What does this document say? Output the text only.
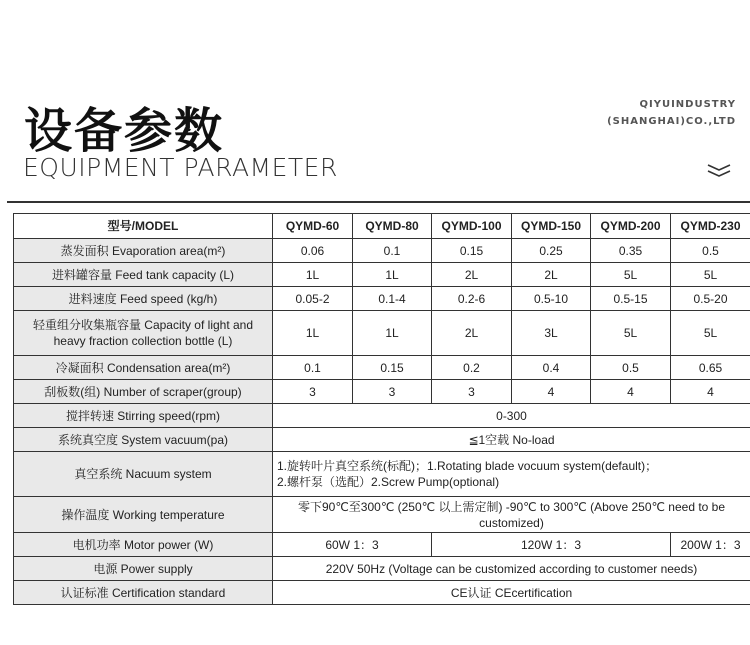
设备参数
EQUIPMENT PARAMETER
QIYUINDUSTRY
(SHANGHAI)CO.,LTD
型号/MODEL	QYMD-60	QYMD-80	QYMD-100	QYMD-150	QYMD-200	QYMD-230
蒸发面积 Evaporation area(m²)	0.06	0.1	0.15	0.25	0.35	0.5
进料罐容量 Feed tank capacity (L)	1L	1L	2L	2L	5L	5L
进料速度 Feed speed (kg/h)	0.05-2	0.1-4	0.2-6	0.5-10	0.5-15	0.5-20
轻重组分收集瓶容量 Capacity of light and heavy fraction collection bottle (L)	1L	1L	2L	3L	5L	5L
冷凝面积 Condensation area(m²)	0.1	0.15	0.2	0.4	0.5	0.65
刮板数(组) Number of scraper(group)	3	3	3	4	4	4
搅拌转速 Stirring speed(rpm)	0-300					
系统真空度 System vacuum(pa)	≦1空载 No-load					
真空系统 Nacuum system	1.旋转叶片真空系统(标配)；1.Rotating blade vocuum system(default)；
2.螺杆泵（选配）2.Screw Pump(optional)					

操作温度 Working temperature	零下90℃至300℃ (250℃ 以上需定制) -90℃ to 300℃ (Above 250℃ need to be customized)					
电机功率 Motor power (W)	60W 1：3		120W 1：3			200W 1：3
电源 Power supply	220V 50Hz (Voltage can be customized according to customer needs)					
认证标准 Certification standard	CE认证 CEcertification					
